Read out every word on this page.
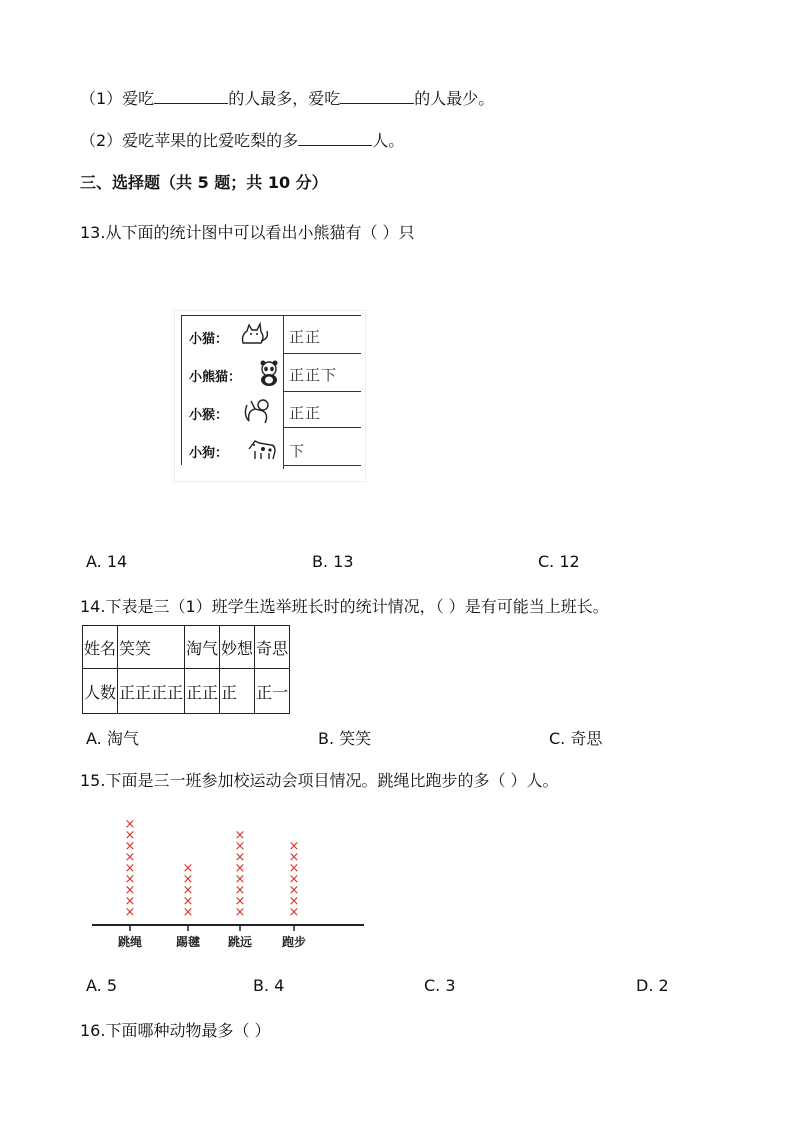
（1）爱吃	的人最多，爱吃	的人最少。
（2）爱吃苹果的比爱吃梨的多	人。
三、选择题（共 5 题；共 10 分）
13.从下面的统计图中可以看出小熊猫有（ ）只
小猫：	正正
小熊猫：	正正下
小猴：	正正
小狗：	下
A. 14	B. 13	C. 12
14.下表是三（1）班学生选举班长时的统计情况，（ ）是有可能当上班长。
姓名	笑笑	淘气	妙想	奇思
人数	正正正正	正正	正	正一
A. 淘气	B. 笑笑	C. 奇思
15.下面是三一班参加校运动会项目情况。跳绳比跑步的多（ ）人。
×
×
×
×
×
×
×
×
×
跳绳
×
×
×
×
×
踢毽
×
×
×
×
×
×
×
×
跳远
×
×
×
×
×
×
×
跑步
A. 5	B. 4	C. 3	D. 2
16.下面哪种动物最多（ ）
